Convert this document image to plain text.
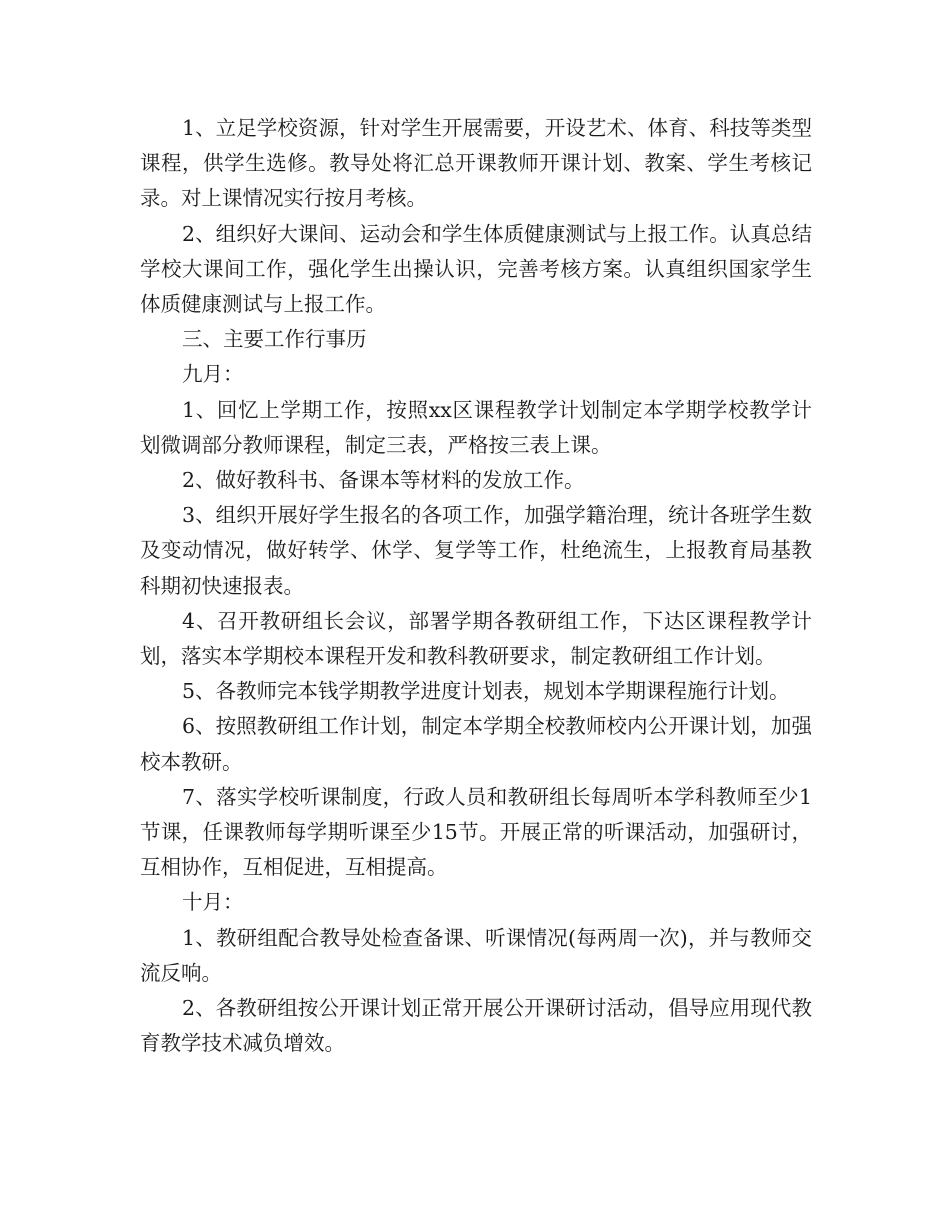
1、立足学校资源，针对学生开展需要，开设艺术、体育、科技等类型课程，供学生选修。教导处将汇总开课教师开课计划、教案、学生考核记录。对上课情况实行按月考核。

2、组织好大课间、运动会和学生体质健康测试与上报工作。认真总结学校大课间工作，强化学生出操认识，完善考核方案。认真组织国家学生体质健康测试与上报工作。

三、主要工作行事历

九月：

1、回忆上学期工作，按照xx区课程教学计划制定本学期学校教学计划微调部分教师课程，制定三表，严格按三表上课。

2、做好教科书、备课本等材料的发放工作。

3、组织开展好学生报名的各项工作，加强学籍治理，统计各班学生数及变动情况，做好转学、休学、复学等工作，杜绝流生，上报教育局基教科期初快速报表。

4、召开教研组长会议，部署学期各教研组工作，下达区课程教学计划，落实本学期校本课程开发和教科教研要求，制定教研组工作计划。

5、各教师完本钱学期教学进度计划表，规划本学期课程施行计划。

6、按照教研组工作计划，制定本学期全校教师校内公开课计划，加强校本教研。

7、落实学校听课制度，行政人员和教研组长每周听本学科教师至少1节课，任课教师每学期听课至少15节。开展正常的听课活动，加强研讨，互相协作，互相促进，互相提高。

十月：

1、教研组配合教导处检查备课、听课情况(每两周一次)，并与教师交流反响。

2、各教研组按公开课计划正常开展公开课研讨活动，倡导应用现代教育教学技术减负增效。
